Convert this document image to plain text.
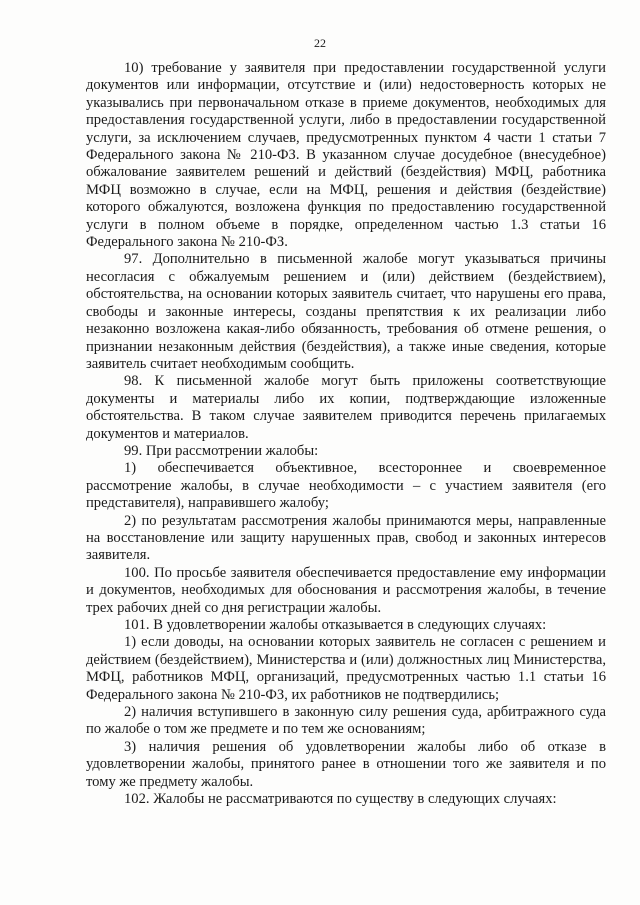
22

10) требование у заявителя при предоставлении государственной услуги документов или информации, отсутствие и (или) недостоверность которых не указывались при первоначальном отказе в приеме документов, необходимых для предоставления государственной услуги, либо в предоставлении государственной услуги, за исключением случаев, предусмотренных пунктом 4 части 1 статьи 7 Федерального закона № 210-ФЗ. В указанном случае досудебное (внесудебное) обжалование заявителем решений и действий (бездействия) МФЦ, работника МФЦ возможно в случае, если на МФЦ, решения и действия (бездействие) которого обжалуются, возложена функция по предоставлению государственной услуги в полном объеме в порядке, определенном частью 1.3 статьи 16 Федерального закона № 210-ФЗ.

97. Дополнительно в письменной жалобе могут указываться причины несогласия с обжалуемым решением и (или) действием (бездействием), обстоятельства, на основании которых заявитель считает, что нарушены его права, свободы и законные интересы, созданы препятствия к их реализации либо незаконно возложена какая-либо обязанность, требования об отмене решения, о признании незаконным действия (бездействия), а также иные сведения, которые заявитель считает необходимым сообщить.

98. К письменной жалобе могут быть приложены соответствующие документы и материалы либо их копии, подтверждающие изложенные обстоятельства. В таком случае заявителем приводится перечень прилагаемых документов и материалов.

99. При рассмотрении жалобы:

1) обеспечивается объективное, всестороннее и своевременное рассмотрение жалобы, в случае необходимости – с участием заявителя (его представителя), направившего жалобу;

2) по результатам рассмотрения жалобы принимаются меры, направленные на восстановление или защиту нарушенных прав, свобод и законных интересов заявителя.

100. По просьбе заявителя обеспечивается предоставление ему информации и документов, необходимых для обоснования и рассмотрения жалобы, в течение трех рабочих дней со дня регистрации жалобы.

101. В удовлетворении жалобы отказывается в следующих случаях:

1) если доводы, на основании которых заявитель не согласен с решением и действием (бездействием), Министерства и (или) должностных лиц Министерства, МФЦ, работников МФЦ, организаций, предусмотренных частью 1.1 статьи 16 Федерального закона № 210-ФЗ, их работников не подтвердились;

2) наличия вступившего в законную силу решения суда, арбитражного суда по жалобе о том же предмете и по тем же основаниям;

3) наличия решения об удовлетворении жалобы либо об отказе в удовлетворении жалобы, принятого ранее в отношении того же заявителя и по тому же предмету жалобы.

102. Жалобы не рассматриваются по существу в следующих случаях:
